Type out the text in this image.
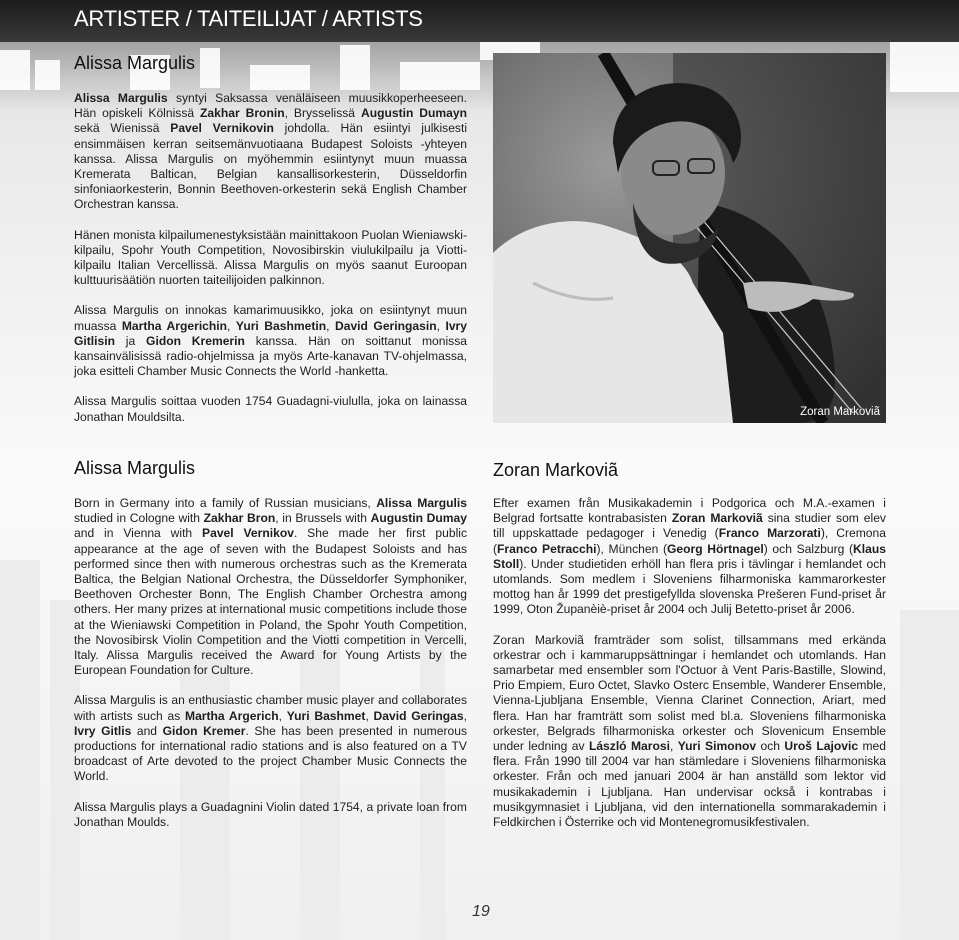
ARTISTER / TAITEILIJAT / ARTISTS
Alissa Margulis

Alissa Margulis syntyi Saksassa venäläiseen muusikkoperheeseen. Hän opiskeli Kölnissä Zakhar Bronin, Brysselissä Augustin Dumayn sekä Wienissä Pavel Vernikovin johdolla. Hän esiintyi julkisesti ensimmäisen kerran seitsemänvuotiaana Budapest Soloists -yhteyen kanssa. Alissa Margulis on myöhemmin esiintynyt muun muassa Kremerata Baltican, Belgian kansallisorkesterin, Düsseldorfin sinfoniaorkesterin, Bonnin Beethoven-orkesterin sekä English Chamber Orchestran kanssa.

Hänen monista kilpailumenestyksistään mainittakoon Puolan Wieniawski-kilpailu, Spohr Youth Competition, Novosibirskin viulukilpailu ja Viotti-kilpailu Italian Vercellissä. Alissa Margulis on myös saanut Euroopan kulttuurisäätiön nuorten taiteilijoiden palkinnon.

Alissa Margulis on innokas kamarimuusikko, joka on esiintynyt muun muassa Martha Argerichin, Yuri Bashmetin, David Geringasin, Ivry Gitlisin ja Gidon Kremerin kanssa. Hän on soittanut monissa kansainvälisissä radio-ohjelmissa ja myös Arte-kanavan TV-ohjelmassa, joka esitteli Chamber Music Connects the World -hanketta.

Alissa Margulis soittaa vuoden 1754 Guadagni-viululla, joka on lainassa Jonathan Mouldsilta.	Zoran Markoviã
Alissa Margulis

Born in Germany into a family of Russian musicians, Alissa Margulis studied in Cologne with Zakhar Bron, in Brussels with Augustin Dumay and in Vienna with Pavel Vernikov. She made her first public appearance at the age of seven with the Budapest Soloists and has performed since then with numerous orchestras such as the Kremerata Baltica, the Belgian National Orchestra, the Düsseldorfer Symphoniker, Beethoven Orchester Bonn, The English Chamber Orchestra among others. Her many prizes at international music competitions include those at the Wieniawski Competition in Poland, the Spohr Youth Competition, the Novosibirsk Violin Competition and the Viotti competition in Vercelli, Italy. Alissa Margulis received the Award for Young Artists by the European Foundation for Culture.

Alissa Margulis is an enthusiastic chamber music player and collaborates with artists such as Martha Argerich, Yuri Bashmet, David Geringas, Ivry Gitlis and Gidon Kremer. She has been presented in numerous productions for international radio stations and is also featured on a TV broadcast of Arte devoted to the project Chamber Music Connects the World.

Alissa Margulis plays a Guadagnini Violin dated 1754, a private loan from Jonathan Moulds.

Zoran Markoviã

Efter examen från Musikakademin i Podgorica och M.A.-examen i Belgrad fortsatte kontrabasisten Zoran Markoviã sina studier som elev till uppskattade pedagoger i Venedig (Franco Marzorati), Cremona (Franco Petracchi), München (Georg Hörtnagel) och Salzburg (Klaus Stoll). Under studietiden erhöll han flera pris i tävlingar i hemlandet och utomlands. Som medlem i Sloveniens filharmoniska kammarorkester mottog han år 1999 det prestigefyllda slovenska Prešeren Fund-priset år 1999, Oton Županèiè-priset år 2004 och Julij Betetto-priset år 2006.

Zoran Markoviã framträder som solist, tillsammans med erkända orkestrar och i kammaruppsättningar i hemlandet och utomlands. Han samarbetar med ensembler som l'Octuor à Vent Paris-Bastille, Slowind, Prio Empiem, Euro Octet, Slavko Osterc Ensemble, Wanderer Ensemble, Vienna-Ljubljana Ensemble, Vienna Clarinet Connection, Ariart, med flera. Han har framträtt som solist med bl.a. Sloveniens filharmoniska orkester, Belgrads filharmoniska orkester och Slovenicum Ensemble under ledning av László Marosi, Yuri Simonov och Uroš Lajovic med flera. Från 1990 till 2004 var han stämledare i Sloveniens filharmoniska orkester. Från och med januari 2004 är han anställd som lektor vid musikakademin i Ljubljana. Han undervisar också i kontrabas i musikgymnasiet i Ljubljana, vid den internationella sommarakademin i Feldkirchen i Österrike och vid Montenegromusikfestivalen.

19
